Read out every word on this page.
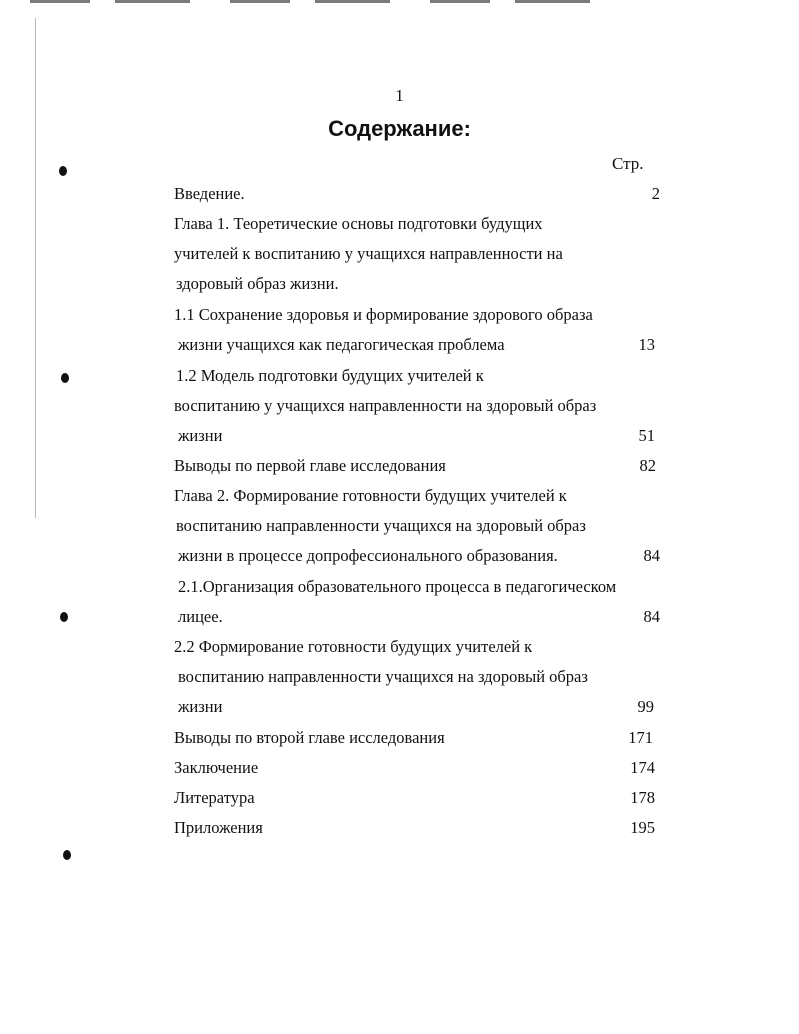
1
Содержание:
Стр.
Введение.	2
Глава 1. Теоретические основы подготовки будущих
учителей к воспитанию у учащихся направленности на
здоровый образ жизни.
1.1 Сохранение здоровья и формирование здорового образа
жизни учащихся как педагогическая проблема	13
1.2 Модель подготовки будущих учителей к
воспитанию у учащихся направленности на здоровый образ
жизни	51
Выводы по первой главе исследования	82
Глава 2. Формирование готовности будущих учителей к
воспитанию направленности учащихся на здоровый образ
жизни в процессе допрофессионального образования.	84
2.1.Организация образовательного процесса в педагогическом
лицее.	84
2.2 Формирование готовности будущих учителей к
воспитанию направленности учащихся на здоровый образ
жизни	99
Выводы по второй главе исследования	171
Заключение	174
Литература	178
Приложения	195
